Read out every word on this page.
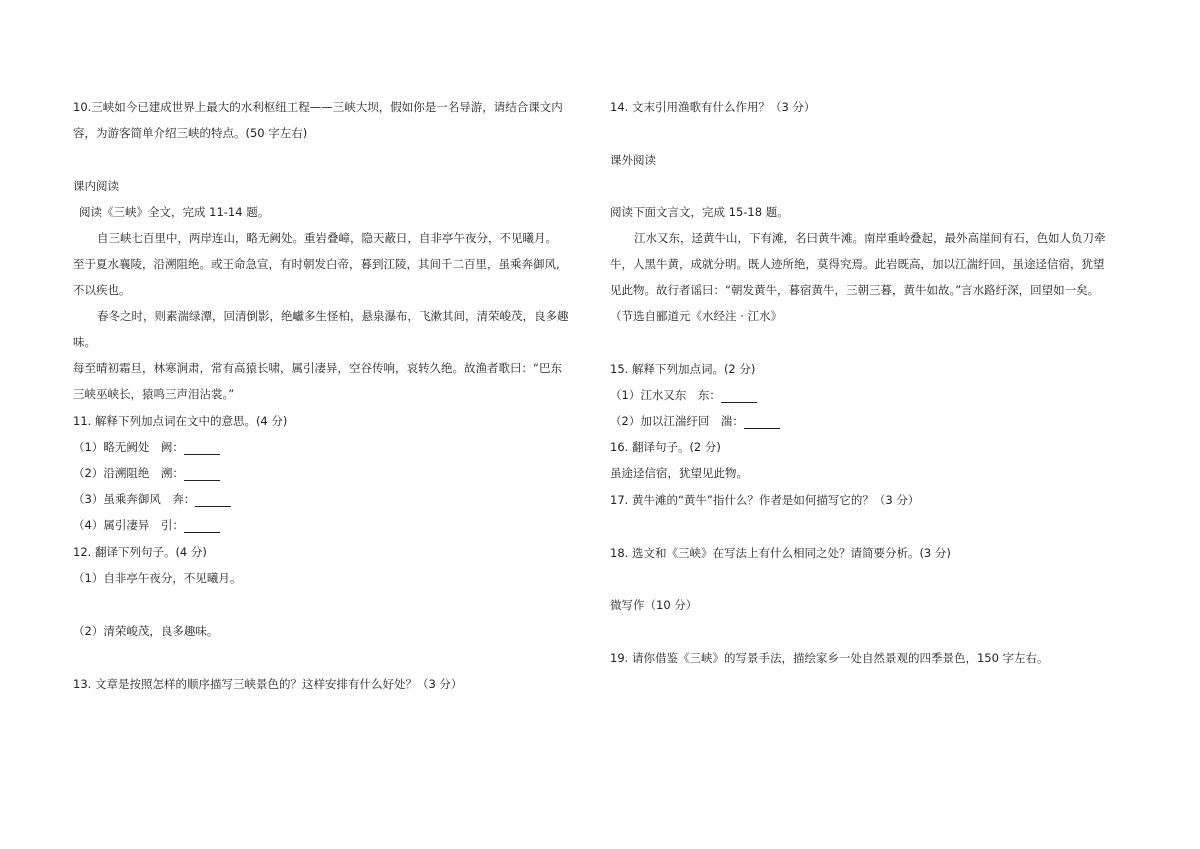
10.三峡如今已建成世界上最大的水利枢纽工程——三峡大坝，假如你是一名导游，请结合课文内
容，为游客简单介绍三峡的特点。(50 字左右)
课内阅读
阅读《三峡》全文，完成 11-14 题。
自三峡七百里中，两岸连山，略无阙处。重岩叠嶂，隐天蔽日，自非亭午夜分，不见曦月。
至于夏水襄陵，沿溯阻绝。或王命急宣，有时朝发白帝，暮到江陵，其间千二百里，虽乘奔御风,
不以疾也。
春冬之时，则素湍绿潭，回清倒影，绝巘多生怪柏，悬泉瀑布，飞漱其间，清荣峻茂，良多趣
味。
每至晴初霜旦，林寒涧肃，常有高猿长啸，属引凄异，空谷传响，哀转久绝。故渔者歌曰：“巴东
三峡巫峡长，猿鸣三声泪沾裳。”
11. 解释下列加点词在文中的意思。(4 分)
（1）略无阙处　阙：
（2）沿溯阻绝　溯：
（3）虽乘奔御风　奔：
（4）属引凄异　引：
12. 翻译下列句子。(4 分)
（1）自非亭午夜分，不见曦月。
（2）清荣峻茂，良多趣味。
13. 文章是按照怎样的顺序描写三峡景色的？这样安排有什么好处？（3 分）
14. 文末引用渔歌有什么作用？（3 分）
课外阅读
阅读下面文言文，完成 15-18 题。
江水又东，迳黄牛山，下有滩，名曰黄牛滩。南岸重岭叠起，最外高崖间有石，色如人负刀牵
牛，人黑牛黄，成就分明。既人迹所绝，莫得究焉。此岩既高，加以江湍纡回，虽途迳信宿，犹望
见此物。故行者谣曰：“朝发黄牛，暮宿黄牛，三朝三暮，黄牛如故。”言水路纡深，回望如一矣。
（节选自郦道元《水经注 · 江水》
15. 解释下列加点词。(2 分)
（1）江水又东　东：
（2）加以江湍纡回　湍：
16. 翻译句子。(2 分)
虽途迳信宿，犹望见此物。
17. 黄牛滩的“黄牛”指什么？作者是如何描写它的？（3 分）
18. 选文和《三峡》在写法上有什么相同之处？请简要分析。(3 分)
微写作（10 分）
19. 请你借鉴《三峡》的写景手法，描绘家乡一处自然景观的四季景色，150 字左右。
